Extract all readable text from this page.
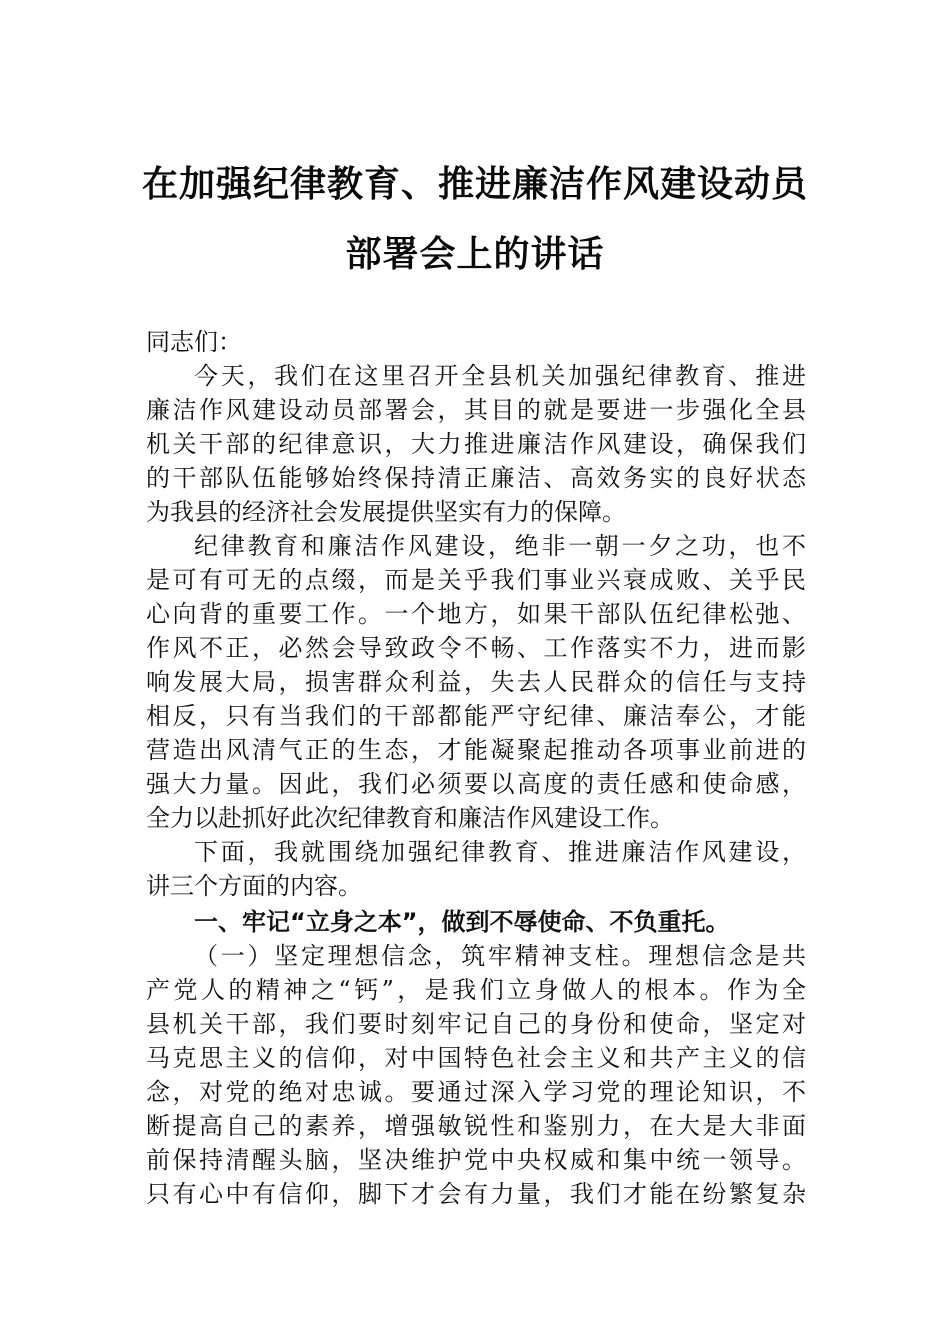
在加强纪律教育、推进廉洁作风建设动员
部署会上的讲话
同志们：
今天，我们在这里召开全县机关加强纪律教育、推进
廉洁作风建设动员部署会，其目的就是要进一步强化全县
机关干部的纪律意识，大力推进廉洁作风建设，确保我们
的干部队伍能够始终保持清正廉洁、高效务实的良好状态
为我县的经济社会发展提供坚实有力的保障。
纪律教育和廉洁作风建设，绝非一朝一夕之功，也不
是可有可无的点缀，而是关乎我们事业兴衰成败、关乎民
心向背的重要工作。一个地方，如果干部队伍纪律松弛、
作风不正，必然会导致政令不畅、工作落实不力，进而影
响发展大局，损害群众利益，失去人民群众的信任与支持
相反，只有当我们的干部都能严守纪律、廉洁奉公，才能
营造出风清气正的生态，才能凝聚起推动各项事业前进的
强大力量。因此，我们必须要以高度的责任感和使命感，
全力以赴抓好此次纪律教育和廉洁作风建设工作。
下面，我就围绕加强纪律教育、推进廉洁作风建设，
讲三个方面的内容。
一、牢记“立身之本”，做到不辱使命、不负重托。
（一）坚定理想信念，筑牢精神支柱。理想信念是共
产党人的精神之“钙”，是我们立身做人的根本。作为全
县机关干部，我们要时刻牢记自己的身份和使命，坚定对
马克思主义的信仰，对中国特色社会主义和共产主义的信
念，对党的绝对忠诚。要通过深入学习党的理论知识，不
断提高自己的素养，增强敏锐性和鉴别力，在大是大非面
前保持清醒头脑，坚决维护党中央权威和集中统一领导。
只有心中有信仰，脚下才会有力量，我们才能在纷繁复杂
